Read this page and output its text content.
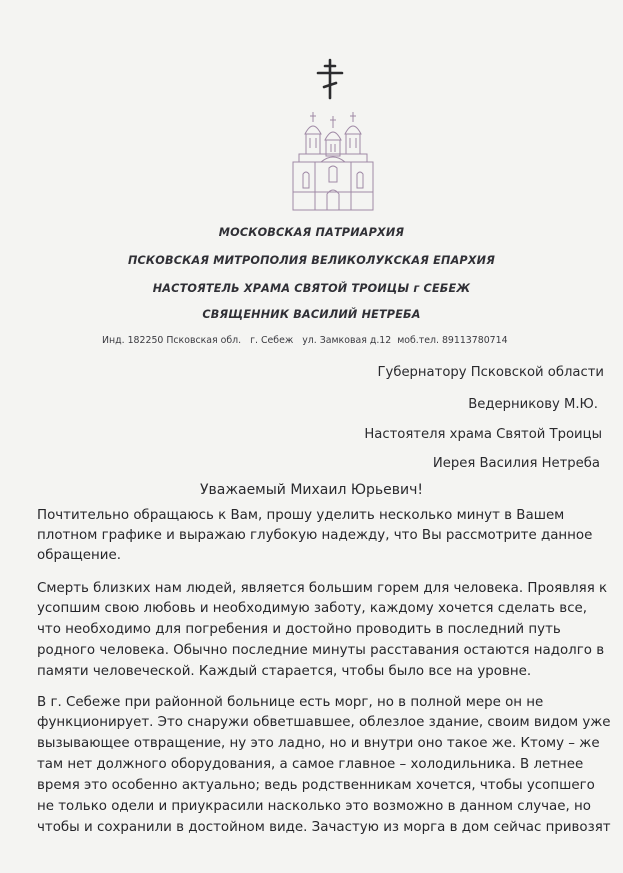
МОСКОВСКАЯ ПАТРИАРХИЯ
ПСКОВСКАЯ МИТРОПОЛИЯ ВЕЛИКОЛУКСКАЯ ЕПАРХИЯ
НАСТОЯТЕЛЬ ХРАМА СВЯТОЙ ТРОИЦЫ г СЕБЕЖ
СВЯЩЕННИК ВАСИЛИЙ НЕТРЕБА
Инд. 182250 Псковская обл.   г. Себеж   ул. Замковая д.12  моб.тел. 89113780714
Губернатору Псковской области
Ведерникову М.Ю.
Настоятеля храма Святой Троицы
Иерея Василия Нетреба
Уважаемый Михаил Юрьевич!
Почтительно обращаюсь к Вам, прошу уделить несколько минут в Вашем
плотном графике и выражаю глубокую надежду, что Вы рассмотрите данное
обращение.
Смерть близких нам людей, является большим горем для человека. Проявляя к
усопшим свою любовь и необходимую заботу, каждому хочется сделать все,
что необходимо для погребения и достойно проводить в последний путь
родного человека. Обычно последние минуты расставания остаются надолго в
памяти человеческой. Каждый старается, чтобы было все на уровне.
В г. Себеже при районной больнице есть морг, но в полной мере он не
функционирует. Это снаружи обветшавшее, облезлое здание, своим видом уже
вызывающее отвращение, ну это ладно, но и внутри оно такое же. Ктому – же
там нет должного оборудования, а самое главное – холодильника. В летнее
время это особенно актуально; ведь родственникам хочется, чтобы усопшего
не только одели и приукрасили насколько это возможно в данном случае, но
чтобы и сохранили в достойном виде. Зачастую из морга в дом сейчас привозят
